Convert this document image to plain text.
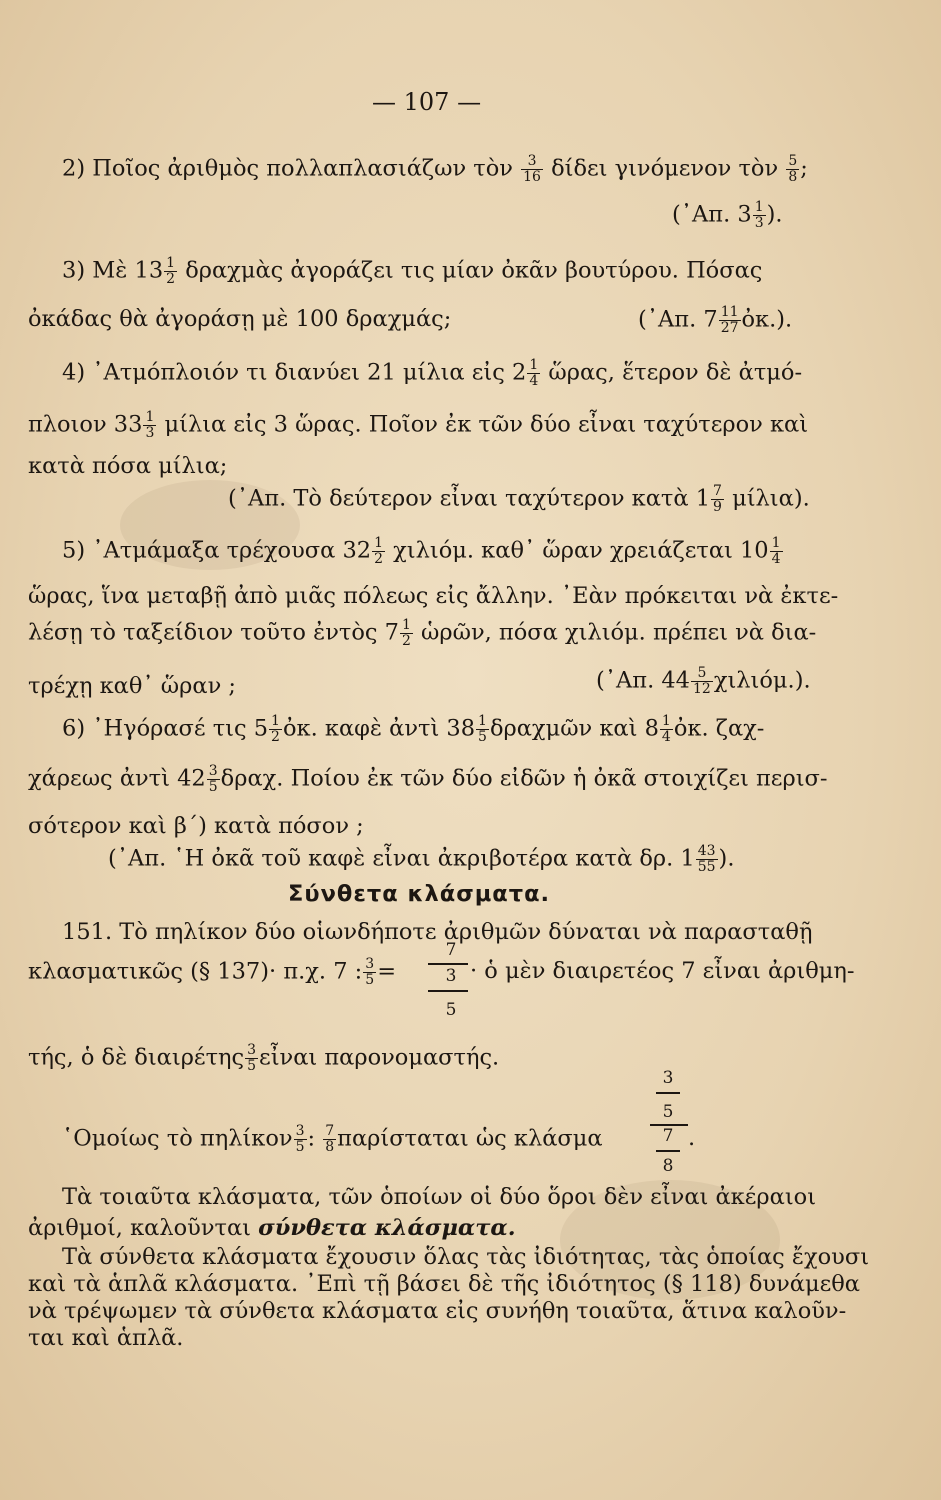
— 107 —
2) Ποῖος ἀριθμὸς πολλαπλασιάζων τὸν $\frac{3}{16}$ δίδει γινόμενον τὸν $\frac{5}{8}$ ;
(᾿Απ. $3 \frac{1}{3}$ ).
3) Μὲ $13 \frac{1}{2}$ δραχμὰς ἀγοράζει τις μίαν ὀκᾶν βουτύρου. Πόσας
ὀκάδας θὰ ἀγοράσῃ μὲ 100 δραχμάς;	(᾿Απ. $7 \frac{11}{27}$ ὀκ.).
4) ᾿Ατμόπλοιόν τι διανύει 21 μίλια εἰς $2 \frac{1}{4}$ ὥρας, ἕτερον δὲ ἀτμό-
πλοιον $33 \frac{1}{3}$ μίλια εἰς 3 ὥρας. Ποῖον ἐκ τῶν δύο εἶναι ταχύτερον καὶ
κατὰ πόσα μίλια;
(᾿Απ. Τὸ δεύτερον εἶναι ταχύτερον κατὰ $1 \frac{7}{9} \mu ί\lambda\iota\alpha$).
5) ᾿Ατμάμαξα τρέχουσα $32 \frac{1}{2} \chi\iota\lambda\iota ό\mu$. καθ᾿ ὥραν χρειάζεται $10 \frac{1}{4}$
ὥρας, ἵνα μεταβῇ ἀπὸ μιᾶς πόλεως εἰς ἄλλην. ᾿Εὰν πρόκειται νὰ ἐκτε-
λέσῃ τὸ ταξείδιον τοῦτο ἐντὸς $7 \frac{1}{2}$ ὡρῶν, πόσα χιλιόμ. πρέπει νὰ δια-
τρέχῃ καθ᾿ ὥραν ;	(᾿Απ. $44 \frac{5}{12} \chi\iota\lambda\iota ό\mu$.).
6) ᾿Ηγόρασέ τις $5 \frac{1}{2}$ ὀκ. καφὲ ἀντὶ $38 \frac{1}{5}$ δραχμῶν καὶ $8 \frac{1}{4}$ ὀκ. ζαχ-
χάρεως ἀντὶ $42 \frac{3}{5} \delta\rho\alpha\chi$. Ποίου ἐκ τῶν δύο εἰδῶν ἡ ὀκᾶ στοιχίζει περισ-
σότερον καὶ β´) κατὰ πόσον ;
(᾿Απ. ῾Η ὀκᾶ τοῦ καφὲ εἶναι ἀκριβοτέρα κατὰ δρ. $1 \frac{43}{55}$ ).
Σύνθετα κλάσματα.
151. Τὸ πηλίκον δύο οἱωνδήποτε ἀριθμῶν δύναται νὰ παρασταθῇ
κλασματικῶς (§ 137)· π.χ. 7 : $\frac{3}{5}$ =
7
3
5
· ὁ μὲν διαιρετέος 7 εἶναι ἀριθμη-
τής, ὁ δὲ διαιρέτης $\frac{3}{5}$ εἶναι παρονομαστής.
῾Ομοίως τὸ πηλίκον $\frac{3}{5}$ : $\frac{7}{8}$ παρίσταται ὡς κλάσμα
3
5
7
8
.
Τὰ τοιαῦτα κλάσματα, τῶν ὁποίων οἱ δύο ὅροι δὲν εἶναι ἀκέραιοι
ἀριθμοί, καλοῦνται σύνθετα κλάσματα.
Τὰ σύνθετα κλάσματα ἔχουσιν ὅλας τὰς ἰδιότητας, τὰς ὁποίας ἔχουσι
καὶ τὰ ἁπλᾶ κλάσματα. ᾿Επὶ τῇ βάσει δὲ τῆς ἰδιότητος (§ 118) δυνάμεθα
νὰ τρέψωμεν τὰ σύνθετα κλάσματα εἰς συνήθη τοιαῦτα, ἅτινα καλοῦν-
ται καὶ ἁπλᾶ.
